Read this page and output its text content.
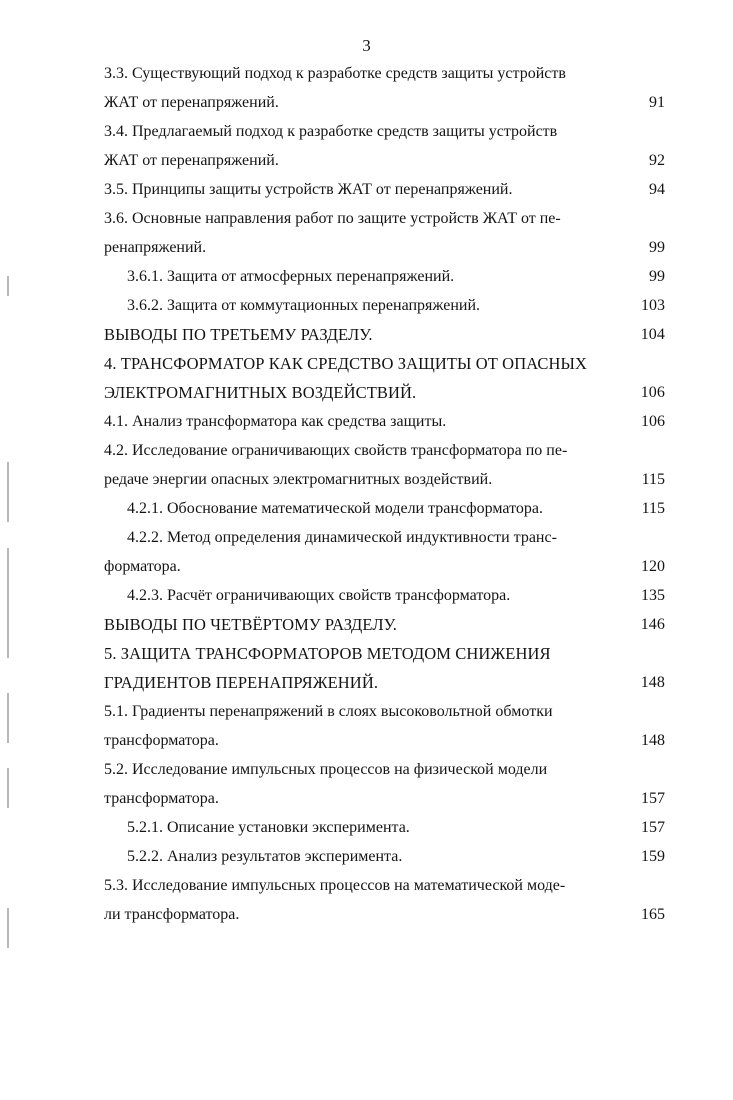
3
3.3. Существующий подход к разработке средств защиты устройств
ЖАТ от перенапряжений.	91
3.4. Предлагаемый подход к разработке средств защиты устройств
ЖАТ от перенапряжений.	92
3.5. Принципы защиты устройств ЖАТ от перенапряжений.	94
3.6. Основные направления работ по защите устройств ЖАТ от пе-
ренапряжений.	99
3.6.1. Защита от атмосферных перенапряжений.	99
3.6.2. Защита от коммутационных перенапряжений.	103
ВЫВОДЫ ПО ТРЕТЬЕМУ РАЗДЕЛУ.	104
4. ТРАНСФОРМАТОР КАК СРЕДСТВО ЗАЩИТЫ ОТ ОПАСНЫХ
ЭЛЕКТРОМАГНИТНЫХ ВОЗДЕЙСТВИЙ.	106
4.1. Анализ трансформатора как средства защиты.	106
4.2. Исследование ограничивающих свойств трансформатора по пе-
редаче энергии опасных электромагнитных воздействий.	115
4.2.1. Обоснование математической модели трансформатора.	115
4.2.2. Метод определения динамической индуктивности транс-
форматора.	120
4.2.3. Расчёт ограничивающих свойств трансформатора.	135
ВЫВОДЫ ПО ЧЕТВЁРТОМУ РАЗДЕЛУ.	146
5. ЗАЩИТА ТРАНСФОРМАТОРОВ МЕТОДОМ СНИЖЕНИЯ
ГРАДИЕНТОВ ПЕРЕНАПРЯЖЕНИЙ.	148
5.1. Градиенты перенапряжений в слоях высоковольтной обмотки
трансформатора.	148
5.2. Исследование импульсных процессов на физической модели
трансформатора.	157
5.2.1. Описание установки эксперимента.	157
5.2.2. Анализ результатов эксперимента.	159
5.3. Исследование импульсных процессов на математической моде-
ли трансформатора.	165
